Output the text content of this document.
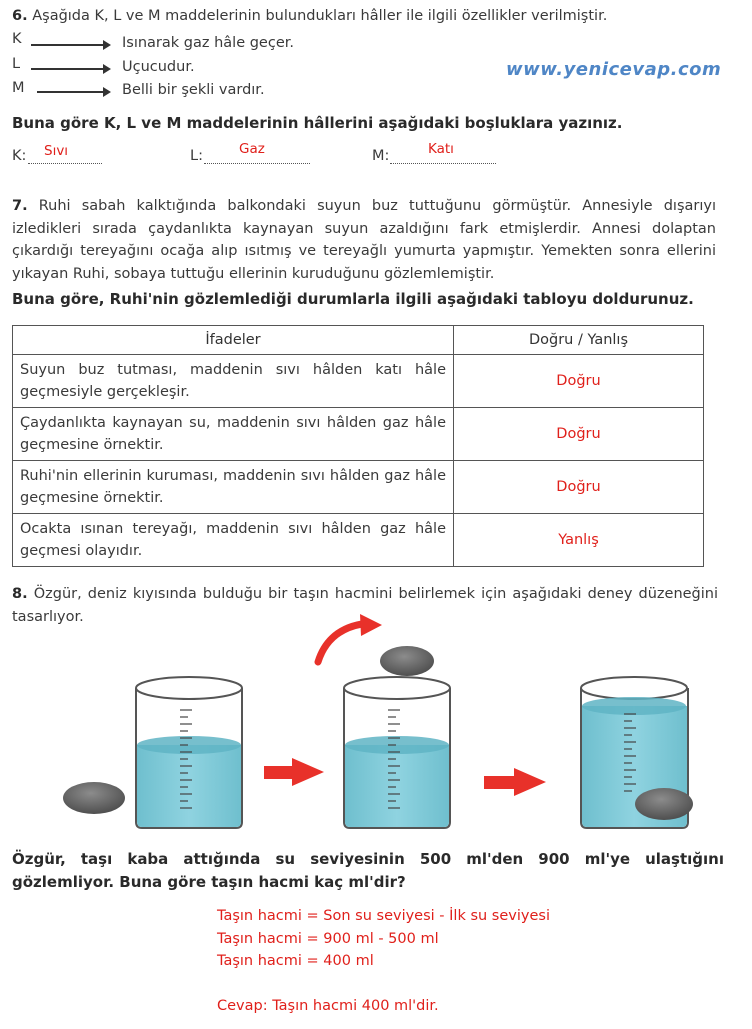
6. Aşağıda K, L ve M maddelerinin bulundukları hâller ile ilgili özellikler verilmiştir.
K	Isınarak gaz hâle geçer.
L	Uçucudur.
M	Belli bir şekli vardır.
www.yenicevap.com
Buna göre K, L ve M maddelerinin hâllerini aşağıdaki boşluklara yazınız.
K: Sıvı	L:	Gaz	M:	Katı
7. Ruhi sabah kalktığında balkondaki suyun buz tuttuğunu görmüştür. Annesiyle dışarıyı izledikleri sırada çaydanlıkta kaynayan suyun azaldığını fark etmişlerdir. Annesi dolaptan çıkardığı tereyağını ocağa alıp ısıtmış ve tereyağlı yumurta yapmıştır. Yemekten sonra ellerini yıkayan Ruhi, sobaya tuttuğu ellerinin kuruduğunu gözlemlemiştir.
Buna göre, Ruhi'nin gözlemlediği durumlarla ilgili aşağıdaki tabloyu doldurunuz.
İfadeler	Doğru / Yanlış
Suyun buz tutması, maddenin sıvı hâlden katı hâle geçmesiyle gerçekleşir.	Doğru
Çaydanlıkta kaynayan su, maddenin sıvı hâlden gaz hâle geçmesine örnektir.	Doğru
Ruhi'nin ellerinin kuruması, maddenin sıvı hâlden gaz hâle geçmesine örnektir.	Doğru
Ocakta ısınan tereyağı, maddenin sıvı hâlden gaz hâle geçmesi olayıdır.	Yanlış
8. Özgür, deniz kıyısında bulduğu bir taşın hacmini belirlemek için aşağıdaki deney düzeneğini tasarlıyor.
Özgür, taşı kaba attığında su seviyesinin 500 ml'den 900 ml'ye ulaştığını gözlemliyor. Buna göre taşın hacmi kaç ml'dir?
Taşın hacmi = Son su seviyesi - İlk su seviyesi
Taşın hacmi = 900 ml - 500 ml
Taşın hacmi = 400 ml
Cevap: Taşın hacmi 400 ml'dir.
